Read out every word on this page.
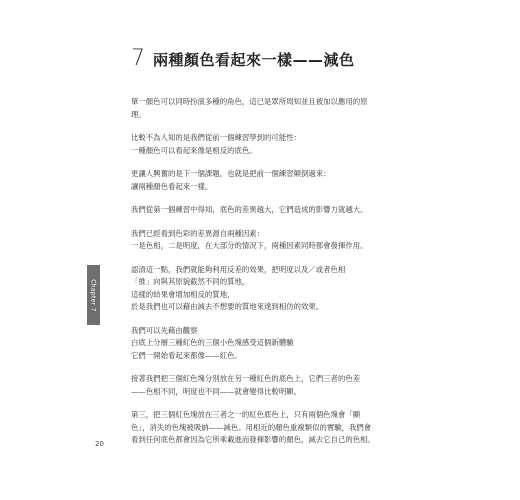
7 兩種顏色看起來一樣——減色

單一顏色可以同時扮演多種的角色，這已是眾所周知並且被加以應用的原
理。

比較不為人知的是我們從前一個練習學到的可能性：
一種顏色可以看起來像是相反的底色。

更讓人興奮的是下一個課題，也就是把前一個練習顛倒過來：
讓兩種顏色看起來一樣。

我們從第一個練習中得知，底色的差異越大，它們造成的影響力就越大。

我們已經看到色彩的差異源自兩種因素：
一是色相，二是明度，在大部分的情況下，兩種因素同時都會發揮作用。

認清這一點，我們就能夠利用反差的效果，把明度以及／或者色相
「推」向與其原貌截然不同的質地，
這樣的結果會增加相反的質地，
於是我們也可以藉由減去不想要的質地來達到相仿的效果。

我們可以先藉由觀察
白底上分層三種紅色的三個小色塊感受這個新體驗
它們一開始看起來都像——紅色。

接著我們把三個紅色塊分別放在另一種紅色的底色上，它們三者的色差
——色相不同，明度也不同——就會變得比較明顯。

第三，把三個紅色塊放在三者之一的紅色底色上，只有兩個色塊會「顯
色」，消失的色塊被吸納——減色。用相近的顏色重複類似的實驗，我們會
看到任何底色都會因為它所乘載進而發揮影響的顏色，減去它自己的色相。

Chapter 7
20
